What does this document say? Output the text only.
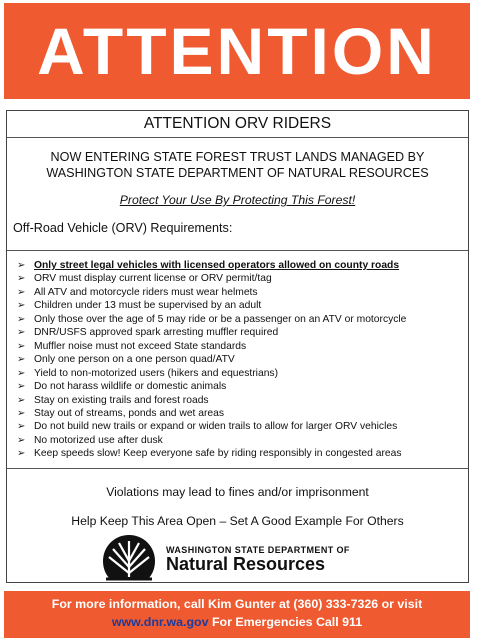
ATTENTION
ATTENTION ORV RIDERS
NOW ENTERING STATE FOREST TRUST LANDS MANAGED BY
WASHINGTON STATE DEPARTMENT OF NATURAL RESOURCES
Protect Your Use By Protecting This Forest!
Off-Road Vehicle (ORV) Requirements:
➢ Only street legal vehicles with licensed operators allowed on county roads
➢ ORV must display current license or ORV permit/tag
➢ All ATV and motorcycle riders must wear helmets
➢ Children under 13 must be supervised by an adult
➢ Only those over the age of 5 may ride or be a passenger on an ATV or motorcycle
➢ DNR/USFS approved spark arresting muffler required
➢ Muffler noise must not exceed State standards
➢ Only one person on a one person quad/ATV
➢ Yield to non-motorized users (hikers and equestrians)
➢ Do not harass wildlife or domestic animals
➢ Stay on existing trails and forest roads
➢ Stay out of streams, ponds and wet areas
➢ Do not build new trails or expand or widen trails to allow for larger ORV vehicles
➢ No motorized use after dusk
➢ Keep speeds slow! Keep everyone safe by riding responsibly in congested areas
Violations may lead to fines and/or imprisonment
Help Keep This Area Open – Set A Good Example For Others
WASHINGTON STATE DEPARTMENT OF
Natural Resources
For more information, call Kim Gunter at (360) 333-7326 or visit
www.dnr.wa.gov For Emergencies Call 911
